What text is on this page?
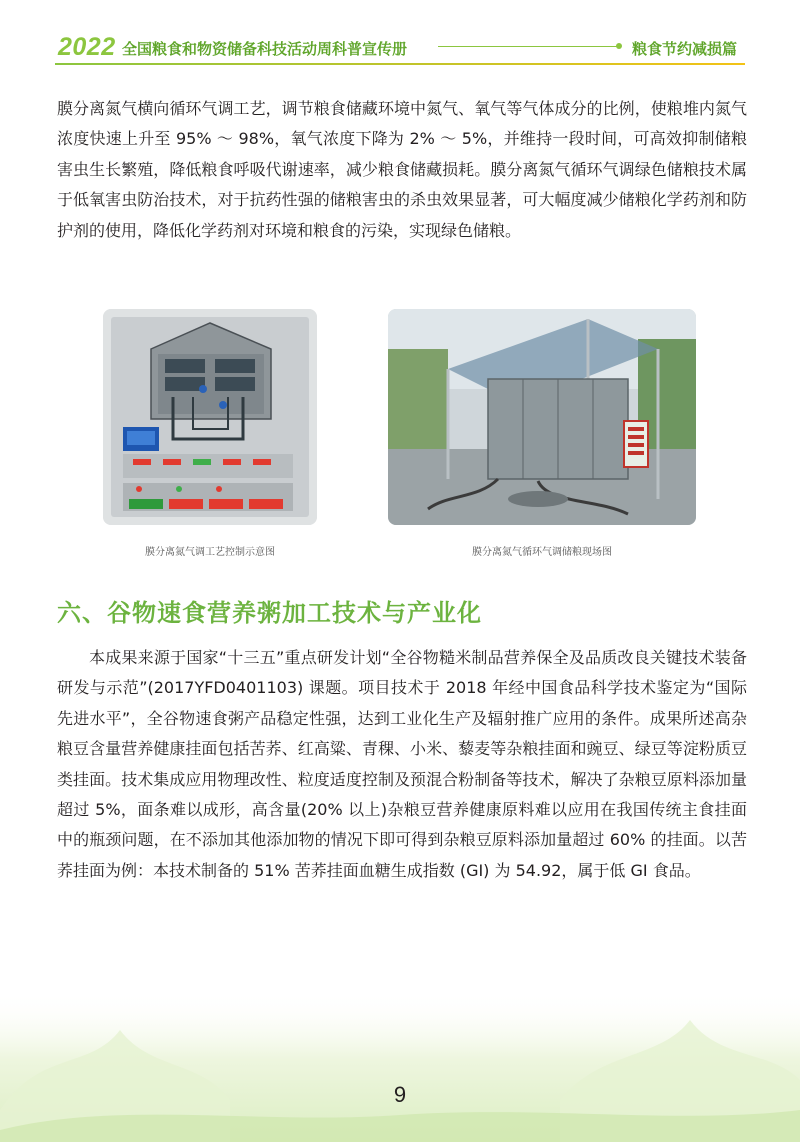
2022 全国粮食和物资储备科技活动周科普宣传册	粮食节约减损篇

膜分离氮气横向循环气调工艺，调节粮食储藏环境中氮气、氧气等气体成分的比例，使粮堆内氮气浓度快速上升至 95% ～ 98%，氧气浓度下降为 2% ～ 5%，并维持一段时间，可高效抑制储粮害虫生长繁殖，降低粮食呼吸代谢速率，减少粮食储藏损耗。膜分离氮气循环气调绿色储粮技术属于低氧害虫防治技术，对于抗药性强的储粮害虫的杀虫效果显著，可大幅度减少储粮化学药剂和防护剂的使用，降低化学药剂对环境和粮食的污染，实现绿色储粮。

膜分离氮气调工艺控制示意图	膜分离氮气循环气调储粮现场图
六、谷物速食营养粥加工技术与产业化

本成果来源于国家“十三五”重点研发计划“全谷物糙米制品营养保全及品质改良关键技术装备研发与示范”(2017YFD0401103) 课题。项目技术于 2018 年经中国食品科学技术鉴定为“国际先进水平”，全谷物速食粥产品稳定性强，达到工业化生产及辐射推广应用的条件。成果所述高杂粮豆含量营养健康挂面包括苦荞、红高粱、青稞、小米、藜麦等杂粮挂面和豌豆、绿豆等淀粉质豆类挂面。技术集成应用物理改性、粒度适度控制及预混合粉制备等技术，解决了杂粮豆原料添加量超过 5%，面条难以成形，高含量(20% 以上)杂粮豆营养健康原料难以应用在我国传统主食挂面中的瓶颈问题，在不添加其他添加物的情况下即可得到杂粮豆原料添加量超过 60% 的挂面。以苦荞挂面为例：本技术制备的 51% 苦荞挂面血糖生成指数 (GI) 为 54.92，属于低 GI 食品。

9
